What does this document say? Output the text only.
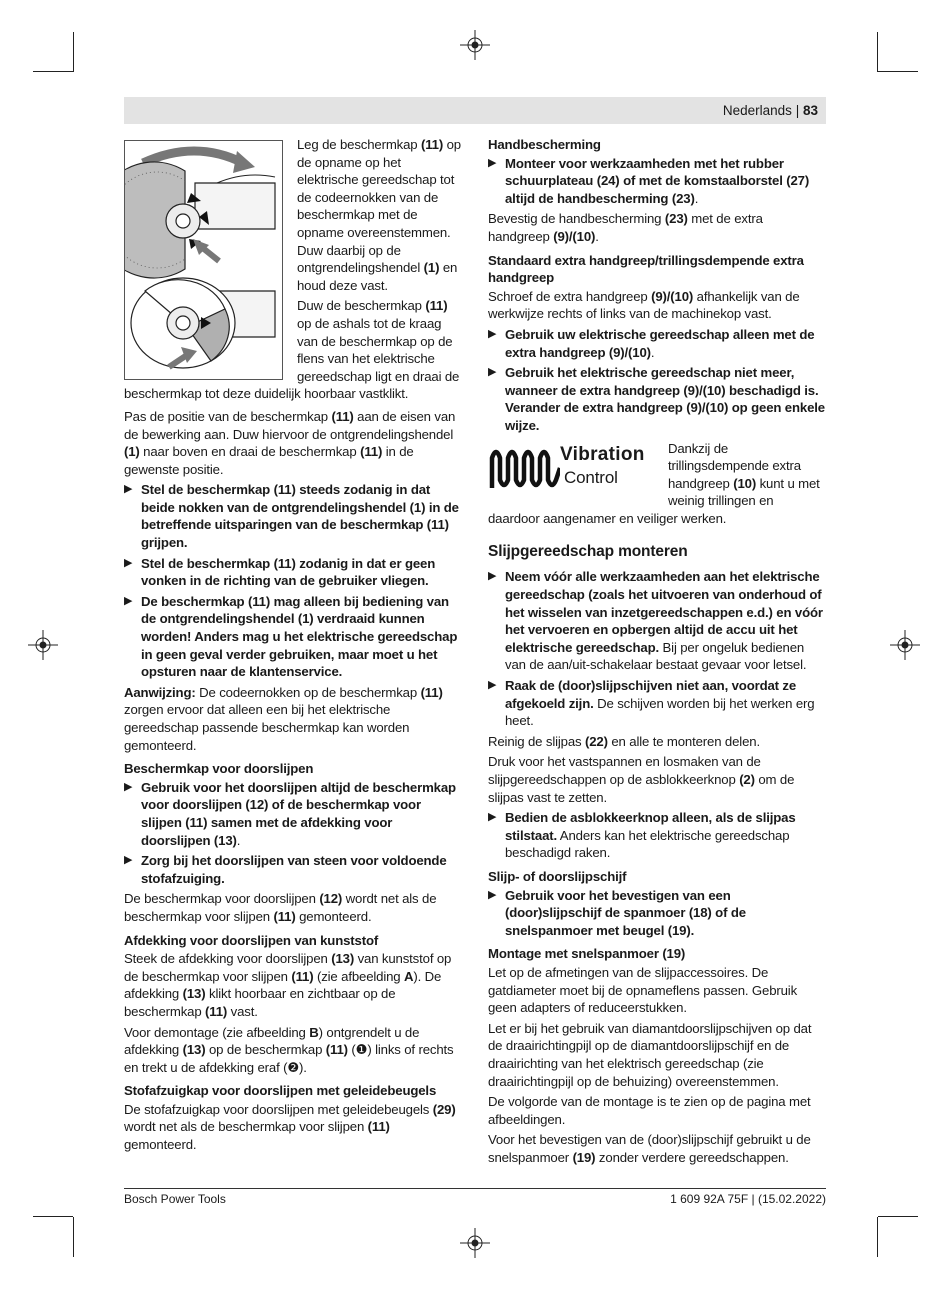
Nederlands | 83

Leg de beschermkap (11) op de opname op het elektrische gereedschap tot de codeernokken van de beschermkap met de opname overeenstemmen. Duw daarbij op de ontgrendelingshendel (1) en houd deze vast.

Duw de beschermkap (11) op de ashals tot de kraag van de beschermkap op de flens van het elektrische gereedschap ligt en draai de beschermkap tot deze duidelijk hoorbaar vastklikt.

Pas de positie van de beschermkap (11) aan de eisen van de bewerking aan. Duw hiervoor de ontgrendelingshendel (1) naar boven en draai de beschermkap (11) in de gewenste positie.

▶ Stel de beschermkap (11) steeds zodanig in dat beide nokken van de ontgrendelingshendel (1) in de betreffende uitsparingen van de beschermkap (11) grijpen.
▶ Stel de beschermkap (11) zodanig in dat er geen vonken in de richting van de gebruiker vliegen.
▶ De beschermkap (11) mag alleen bij bediening van de ontgrendelingshendel (1) verdraaid kunnen worden! Anders mag u het elektrische gereedschap in geen geval verder gebruiken, maar moet u het opsturen naar de klantenservice.

Aanwijzing: De codeernokken op de beschermkap (11) zorgen ervoor dat alleen een bij het elektrische gereedschap passende beschermkap kan worden gemonteerd.

Beschermkap voor doorslijpen
▶ Gebruik voor het doorslijpen altijd de beschermkap voor doorslijpen (12) of de beschermkap voor slijpen (11) samen met de afdekking voor doorslijpen (13).
▶ Zorg bij het doorslijpen van steen voor voldoende stofafzuiging.

De beschermkap voor doorslijpen (12) wordt net als de beschermkap voor slijpen (11) gemonteerd.

Afdekking voor doorslijpen van kunststof

Steek de afdekking voor doorslijpen (13) van kunststof op de beschermkap voor slijpen (11) (zie afbeelding A). De afdekking (13) klikt hoorbaar en zichtbaar op de beschermkap (11) vast.

Voor demontage (zie afbeelding B) ontgrendelt u de afdekking (13) op de beschermkap (11) (❶) links of rechts en trekt u de afdekking eraf (❷).

Stofafzuigkap voor doorslijpen met geleidebeugels

De stofafzuigkap voor doorslijpen met geleidebeugels (29) wordt net als de beschermkap voor slijpen (11) gemonteerd.

Handbescherming
▶ Monteer voor werkzaamheden met het rubber schuurplateau (24) of met de komstaalborstel (27) altijd de handbescherming (23).

Bevestig de handbescherming (23) met de extra handgreep (9)/(10).

Standaard extra handgreep/trillingsdempende extra handgreep

Schroef de extra handgreep (9)/(10) afhankelijk van de werkwijze rechts of links van de machinekop vast.

▶ Gebruik uw elektrische gereedschap alleen met de extra handgreep (9)/(10).
▶ Gebruik het elektrische gereedschap niet meer, wanneer de extra handgreep (9)/(10) beschadigd is. Verander de extra handgreep (9)/(10) op geen enkele wijze.
Vibration
Control

Dankzij de trillingsdempende extra handgreep (10) kunt u met weinig trillingen en daardoor aangenamer en veiliger werken.

Slijpgereedschap monteren
▶ Neem vóór alle werkzaamheden aan het elektrische gereedschap (zoals het uitvoeren van onderhoud of het wisselen van inzetgereedschappen e.d.) en vóór het vervoeren en opbergen altijd de accu uit het elektrische gereedschap. Bij per ongeluk bedienen van de aan/uit-schakelaar bestaat gevaar voor letsel.
▶ Raak de (door)slijpschijven niet aan, voordat ze afgekoeld zijn. De schijven worden bij het werken erg heet.

Reinig de slijpas (22) en alle te monteren delen.

Druk voor het vastspannen en losmaken van de slijpgereedschappen op de asblokkeerknop (2) om de slijpas vast te zetten.

▶ Bedien de asblokkeerknop alleen, als de slijpas stilstaat. Anders kan het elektrische gereedschap beschadigd raken.
Slijp- of doorslijpschijf
▶ Gebruik voor het bevestigen van een (door)slijpschijf de spanmoer (18) of de snelspanmoer met beugel (19).
Montage met snelspanmoer (19)

Let op de afmetingen van de slijpaccessoires. De gatdiameter moet bij de opnameflens passen. Gebruik geen adapters of reduceerstukken.

Let er bij het gebruik van diamantdoorslijpschijven op dat de draairichtingpijl op de diamantdoorslijpschijf en de draairichting van het elektrisch gereedschap (zie draairichtingpijl op de behuizing) overeenstemmen.

De volgorde van de montage is te zien op de pagina met afbeeldingen.

Voor het bevestigen van de (door)slijpschijf gebruikt u de snelspanmoer (19) zonder verdere gereedschappen.

Bosch Power Tools	1 609 92A 75F | (15.02.2022)
